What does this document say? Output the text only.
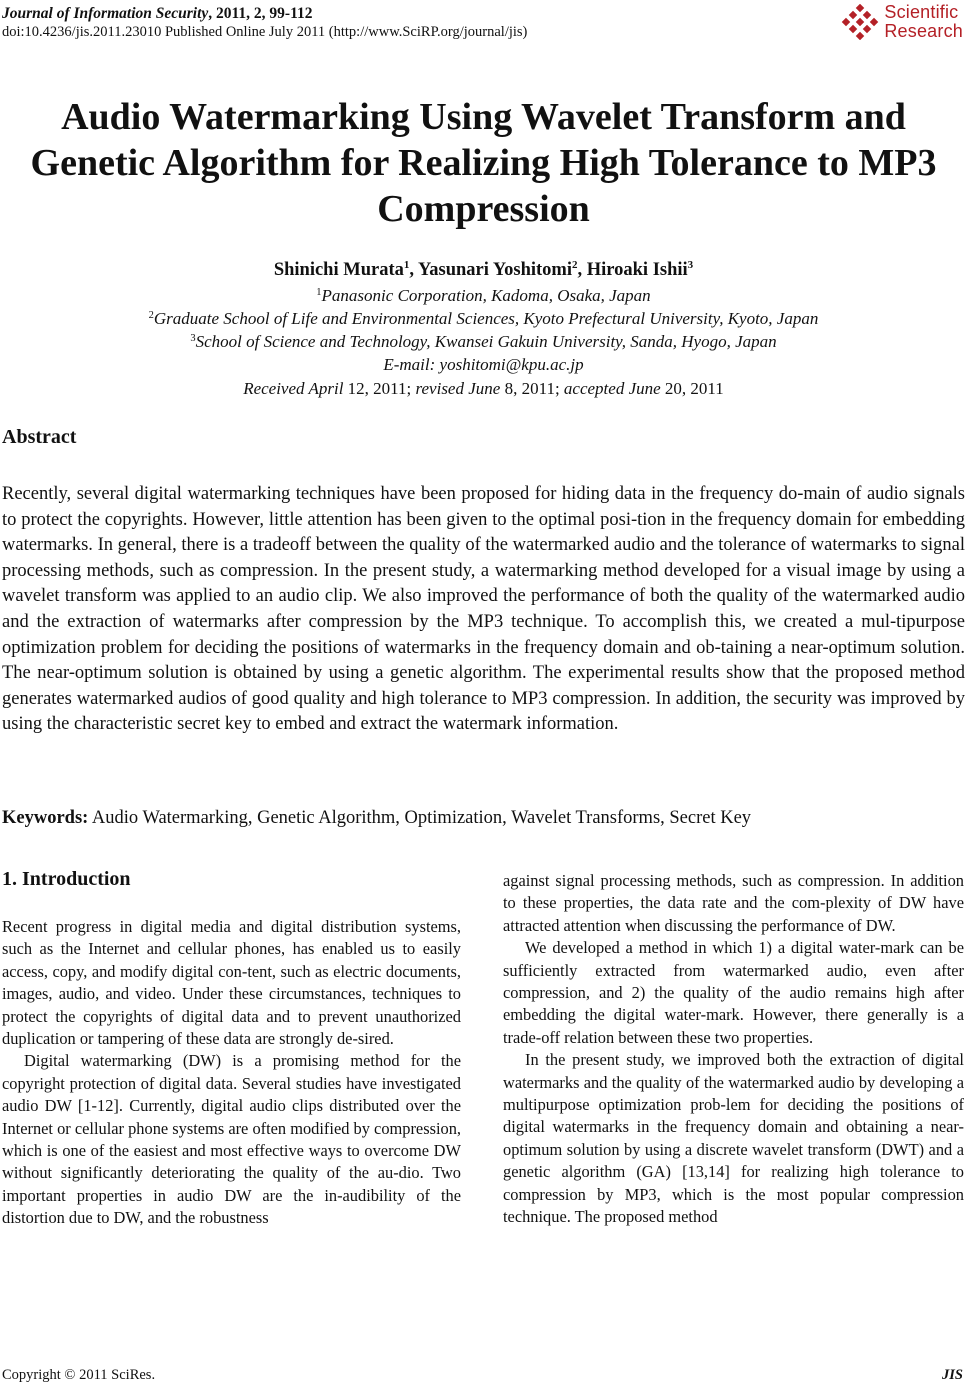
Journal of Information Security, 2011, 2, 99-112
doi:10.4236/jis.2011.23010 Published Online July 2011 (http://www.SciRP.org/journal/jis)
Scientific
Research
Audio Watermarking Using Wavelet Transform and
Genetic Algorithm for Realizing High Tolerance to MP3
Compression
Shinichi Murata$^1$, Yasunari Yoshitomi$^2$, Hiroaki Ishii$^3$
$^1$Panasonic Corporation, Kadoma, Osaka, Japan
$^2$Graduate School of Life and Environmental Sciences, Kyoto Prefectural University, Kyoto, Japan
$^3$School of Science and Technology, Kwansei Gakuin University, Sanda, Hyogo, Japan
E-mail: yoshitomi@kpu.ac.jp
Received April 12, 2011; revised June 8, 2011; accepted June 20, 2011
Abstract

Recently, several digital watermarking techniques have been proposed for hiding data in the frequency do-main of audio signals to protect the copyrights. However, little attention has been given to the optimal posi-tion in the frequency domain for embedding watermarks. In general, there is a tradeoff between the quality of the watermarked audio and the tolerance of watermarks to signal processing methods, such as compression. In the present study, a watermarking method developed for a visual image by using a wavelet transform was applied to an audio clip. We also improved the performance of both the quality of the watermarked audio and the extraction of watermarks after compression by the MP3 technique. To accomplish this, we created a mul-tipurpose optimization problem for deciding the positions of watermarks in the frequency domain and ob-taining a near-optimum solution. The near-optimum solution is obtained by using a genetic algorithm. The experimental results show that the proposed method generates watermarked audios of good quality and high tolerance to MP3 compression. In addition, the security was improved by using the characteristic secret key to embed and extract the watermark information.

Keywords: Audio Watermarking, Genetic Algorithm, Optimization, Wavelet Transforms, Secret Key
1. Introduction

Recent progress in digital media and digital distribution systems, such as the Internet and cellular phones, has enabled us to easily access, copy, and modify digital con-tent, such as electric documents, images, audio, and video. Under these circumstances, techniques to protect the copyrights of digital data and to prevent unauthorized duplication or tampering of these data are strongly de-sired.

Digital watermarking (DW) is a promising method for the copyright protection of digital data. Several studies have investigated audio DW [1-12]. Currently, digital audio clips distributed over the Internet or cellular phone systems are often modified by compression, which is one of the easiest and most effective ways to overcome DW without significantly deteriorating the quality of the au-dio. Two important properties in audio DW are the in-audibility of the distortion due to DW, and the robustness

against signal processing methods, such as compression. In addition to these properties, the data rate and the com-plexity of DW have attracted attention when discussing the performance of DW.

We developed a method in which 1) a digital water-mark can be sufficiently extracted from watermarked audio, even after compression, and 2) the quality of the audio remains high after embedding the digital water-mark. However, there generally is a trade-off relation between these two properties.

In the present study, we improved both the extraction of digital watermarks and the quality of the watermarked audio by developing a multipurpose optimization prob-lem for deciding the positions of digital watermarks in the frequency domain and obtaining a near-optimum solution by using a discrete wavelet transform (DWT) and a genetic algorithm (GA) [13,14] for realizing high tolerance to compression by MP3, which is the most popular compression technique. The proposed method

Copyright © 2011 SciRes.	JIS
